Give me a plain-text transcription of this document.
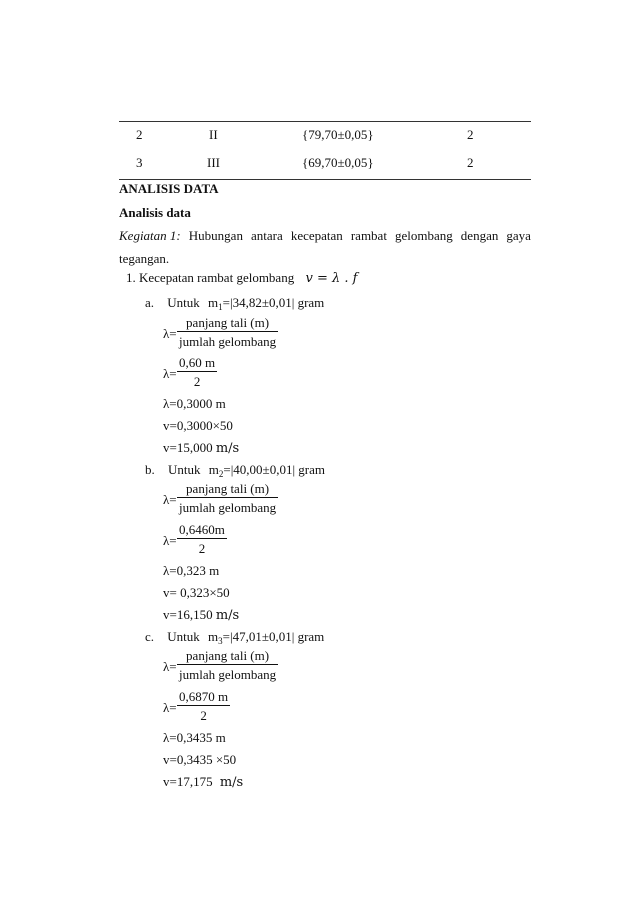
2	II	{79,70±0,05}	2
3	III	{69,70±0,05}	2
ANALISIS DATA
Analisis data
Kegiatan 1: Hubungan antara kecepatan rambat gelombang dengan gaya
tegangan.
1. Kecepatan rambat gelombang v = λ . f
a. Untuk $m_1=|34,82\pm 0,01|$ gram
λ=
panjang tali (m)
jumlah gelombang
$\lambda= \frac{0,60 m}{2}$
λ=0,3000 m
v=0,3000×50
v=15,000 m/s
b. Untuk $m_2=|40,00\pm 0,01|$ gram
λ=
panjang tali (m)
jumlah gelombang
$\lambda= \frac{0,6460m}{2}$
λ=0,323 m
v= 0,323×50
v=16,150 m/s
c. Untuk $m_3=|47,01\pm 0,01|$ gram
λ=
panjang tali (m)
jumlah gelombang
$\lambda= \frac{0,6870 m}{2}$
λ=0,3435 m
v=0,3435 ×50
v=17,175 m/s
